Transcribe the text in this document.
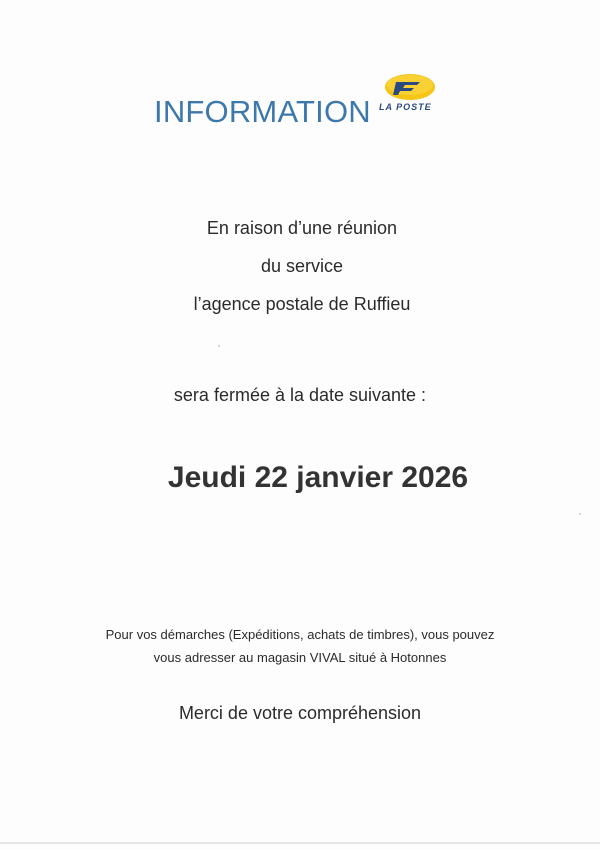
INFORMATION LA POSTE
En raison d’une réunion
du service
l’agence postale de Ruffieu
sera fermée à la date suivante :
Jeudi 22 janvier 2026
Pour vos démarches (Expéditions, achats de timbres), vous pouvez
vous adresser au magasin VIVAL situé à Hotonnes
Merci de votre compréhension
